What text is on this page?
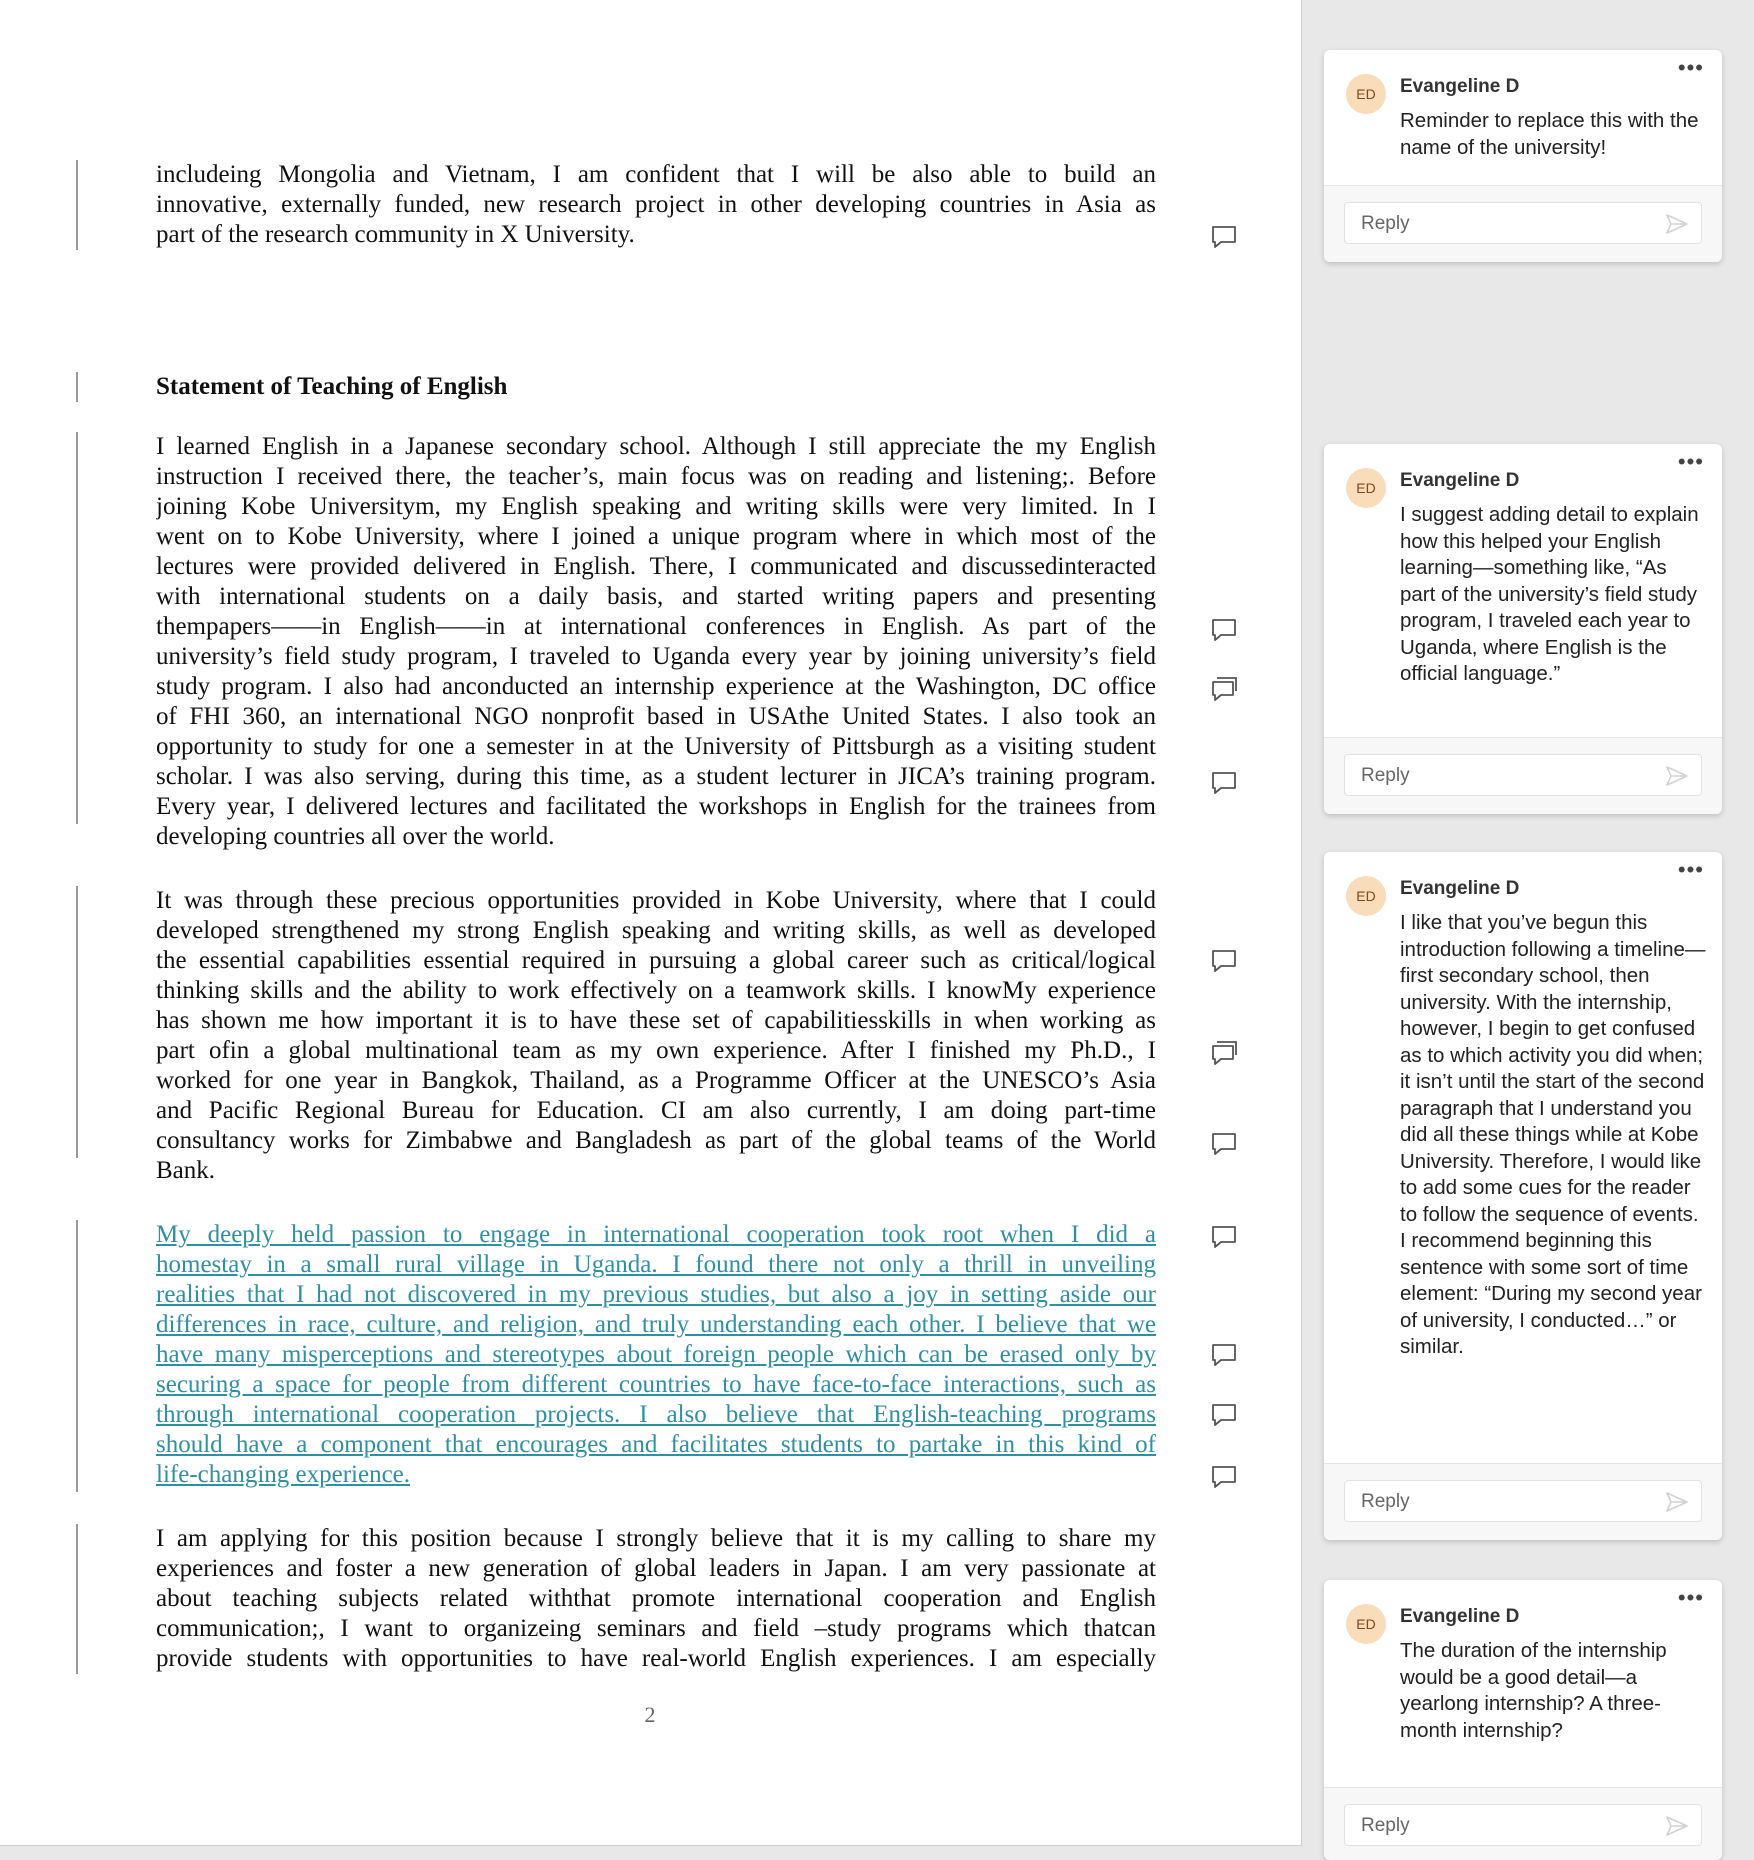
includeing Mongolia and Vietnam, I am confident that I will be also able to build an
innovative, externally funded, new research project in other developing countries in Asia as
part of the research community in X University.
Statement of Teaching of English
I learned English in a Japanese secondary school. Although I still appreciate the my English
instruction I received there, the teacher’s, main focus was on reading and listening;. Before
joining Kobe Universitym, my English speaking and writing skills were very limited. In I
went on to Kobe University, where I joined a unique program where in which most of the
lectures were provided delivered in English. There, I communicated and discussedinteracted
with international students on a daily basis, and started writing papers and presenting
thempapers——in English——in at international conferences in English. As part of the
university’s field study program, I traveled to Uganda every year by joining university’s field
study program. I also had anconducted an internship experience at the Washington, DC office
of FHI 360, an international NGO nonprofit based in USAthe United States. I also took an
opportunity to study for one a semester in at the University of Pittsburgh as a visiting student
scholar. I was also serving, during this time, as a student lecturer in JICA’s training program.
Every year, I delivered lectures and facilitated the workshops in English for the trainees from
developing countries all over the world.
It was through these precious opportunities provided in Kobe University, where that I could
developed strengthened my strong English speaking and writing skills, as well as developed
the essential capabilities essential required in pursuing a global career such as critical/logical
thinking skills and the ability to work effectively on a teamwork skills. I knowMy experience
has shown me how important it is to have these set of capabilitiesskills in when working as
part ofin a global multinational team as my own experience. After I finished my Ph.D., I
worked for one year in Bangkok, Thailand, as a Programme Officer at the UNESCO’s Asia
and Pacific Regional Bureau for Education. CI am also currently, I am doing part-time
consultancy works for Zimbabwe and Bangladesh as part of the global teams of the World
Bank.
My deeply held passion to engage in international cooperation took root when I did a
homestay in a small rural village in Uganda. I found there not only a thrill in unveiling
realities that I had not discovered in my previous studies, but also a joy in setting aside our
differences in race, culture, and religion, and truly understanding each other. I believe that we
have many misperceptions and stereotypes about foreign people which can be erased only by
securing a space for people from different countries to have face-to-face interactions, such as
through international cooperation projects. I also believe that English-teaching programs
should have a component that encourages and facilitates students to partake in this kind of
life-changing experience.
I am applying for this position because I strongly believe that it is my calling to share my
experiences and foster a new generation of global leaders in Japan. I am very passionate at
about teaching subjects related withthat promote international cooperation and English
communication;, I want to organizeing seminars and field –study programs which thatcan
provide students with opportunities to have real-world English experiences. I am especially
2
•••
ED	Evangeline D
Reminder to replace this with the name of the university!
Reply
•••
ED	Evangeline D
I suggest adding detail to explain how this helped your English learning—something like, “As part of the university’s field study program, I traveled each year to Uganda, where English is the official language.”
Reply
•••
ED	Evangeline D
I like that you’ve begun this introduction following a timeline—first secondary school, then university. With the internship, however, I begin to get confused as to which activity you did when; it isn’t until the start of the second paragraph that I understand you did all these things while at Kobe University. Therefore, I would like to add some cues for the reader to follow the sequence of events. I recommend beginning this sentence with some sort of time element: “During my second year of university, I conducted…” or similar.
Reply
•••
ED	Evangeline D
The duration of the internship would be a good detail—a yearlong internship? A three-month internship?
Reply
